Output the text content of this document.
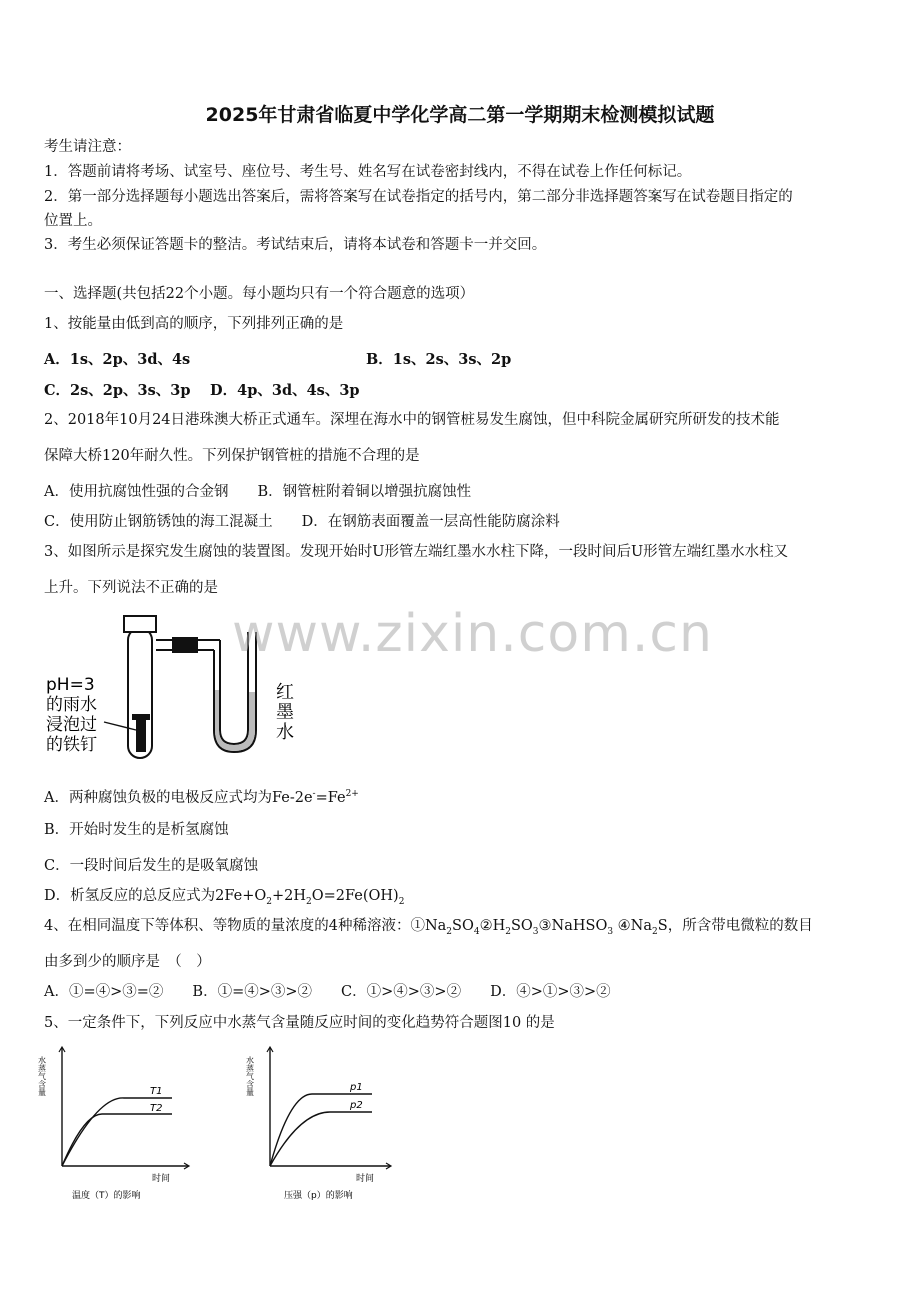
2025年甘肃省临夏中学化学高二第一学期期末检测模拟试题
考生请注意：
1．答题前请将考场、试室号、座位号、考生号、姓名写在试卷密封线内，不得在试卷上作任何标记。
2．第一部分选择题每小题选出答案后，需将答案写在试卷指定的括号内，第二部分非选择题答案写在试卷题目指定的
位置上。
3．考生必须保证答题卡的整洁。考试结束后，请将本试卷和答题卡一并交回。
一、选择题(共包括22个小题。每小题均只有一个符合题意的选项）
1、按能量由低到高的顺序，下列排列正确的是
A．1s、2p、3d、4s	B．1s、2s、3s、2p
C．2s、2p、3s、3p　 D．4p、3d、4s、3p
2、2018年10月24日港珠澳大桥正式通车。深埋在海水中的钢管桩易发生腐蚀，但中科院金属研究所研发的技术能
保障大桥120年耐久性。下列保护钢管桩的措施不合理的是
A．使用抗腐蚀性强的合金钢　　B．钢管桩附着铜以增强抗腐蚀性
C．使用防止钢筋锈蚀的海工混凝土　　D．在钢筋表面覆盖一层高性能防腐涂料
3、如图所示是探究发生腐蚀的装置图。发现开始时U形管左端红墨水水柱下降，一段时间后U形管左端红墨水水柱又
上升。下列说法不正确的是
pH=3
的雨水
浸泡过
的铁钉
红
墨
水
www.zixin.com.cn
A．两种腐蚀负极的电极反应式均为$Fe-2e^-=Fe^{2+}$
B．开始时发生的是析氢腐蚀
C．一段时间后发生的是吸氧腐蚀
D．析氢反应的总反应式为$2Fe+O_2+2H_2O=2Fe(OH)_2$
4、在相同温度下等体积、等物质的量浓度的4种稀溶液：$①Na_2SO_4②H_2SO_3③NaHSO_3$ $④Na_2S$，所含带电微粒的数目
由多到少的顺序是　（　）
A．①=④>③=②　　B．①=④>③>②　　C．①>④>③>②　　D．④>①>③>②
5、一定条件下，下列反应中水蒸气含量随反应时间的变化趋势符合题图10 的是
水蒸气含量
时间
T1
T2
温度（T）的影响
水蒸气含量
时间
p1
p2
压强（p）的影响
